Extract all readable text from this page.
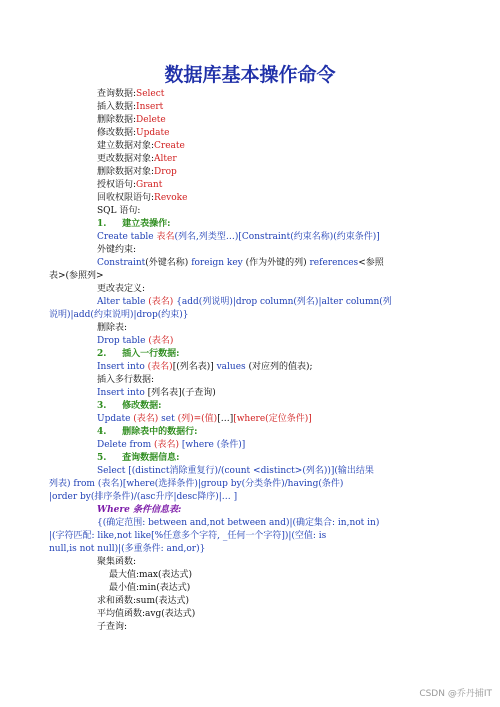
数据库基本操作命令
查询数据:Select
插入数据:Insert
删除数据:Delete
修改数据:Update
建立数据对象:Create
更改数据对象:Alter
删除数据对象:Drop
授权语句:Grant
回收权限语句:Revoke
SQL 语句:
1. 建立表操作:
Create table 表名(列名,列类型…)[Constraint(约束名称)(约束条件)]
外键约束:
Constraint(外键名称) foreign key (作为外键的列) references<参照
表>(参照列>
更改表定义:
Alter table (表名) {add(列说明)|drop column(列名)|alter column(列
说明)|add(约束说明)|drop(约束)}
删除表:
Drop table (表名)
2. 插入一行数据:
Insert into (表名)[(列名表)] values (对应列的值表);
插入多行数据:
Insert into [列名表](子查询)
3. 修改数据:
Update (表名) set (列)=(值)[…][where(定位条件)]
4. 删除表中的数据行:
Delete from (表名) [where (条件)]
5. 查询数据信息:
Select [(distinct消除重复行)/(count <distinct>(列名))](输出结果
列表) from (表名)[where(选择条件)|group by(分类条件)/having(条件)
|order by(排序条件)/(asc升序|desc降序)|… ]
Where 条件信息表:
{(确定范围: between and,not between and)|(确定集合: in,not in)
|(字符匹配: like,not like[%任意多个字符, _任何一个字符])|(空值: is
null,is not null)|(多重条件: and,or)}
聚集函数:
最大值:max(表达式)
最小值:min(表达式)
求和函数:sum(表达式)
平均值函数:avg(表达式)
子查询:
CSDN @乔丹捕IT
